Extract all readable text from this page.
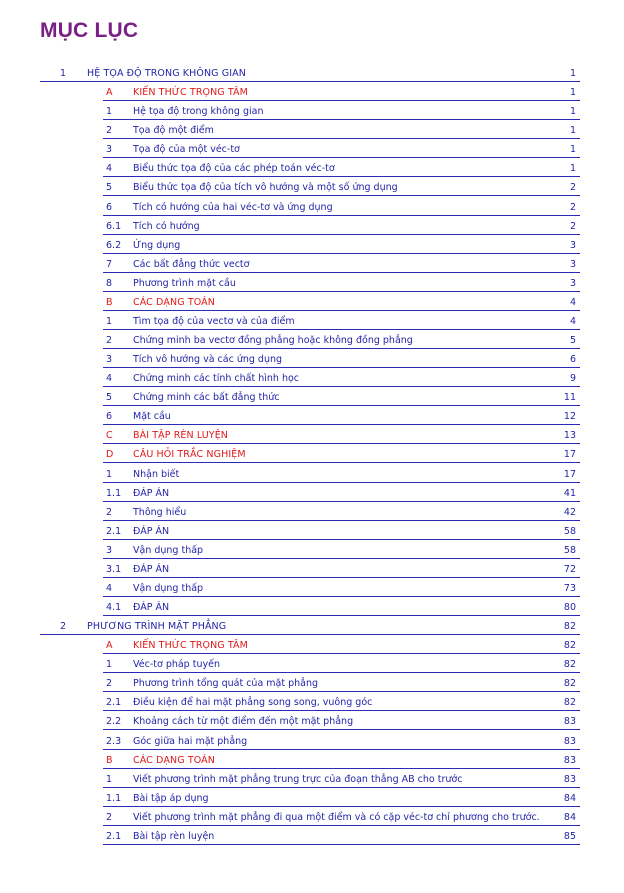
MỤC LỤC
1 HỆ TỌA ĐỘ TRONG KHÔNG GIAN	1
A KIẾN THỨC TRỌNG TÂM	1
1 Hệ tọa độ trong không gian	1
2 Tọa độ một điểm	1
3 Tọa độ của một véc-tơ	1
4 Biểu thức tọa độ của các phép toán véc-tơ	1
5 Biểu thức tọa độ của tích vô hướng và một số ứng dụng	2
6 Tích có hướng của hai véc-tơ và ứng dụng	2
6.1 Tích có hướng	2
6.2 Ứng dụng	3
7 Các bất đẳng thức vectơ	3
8 Phương trình mặt cầu	3
B CÁC DẠNG TOÁN	4
1 Tìm tọa độ của vectơ và của điểm	4
2 Chứng minh ba vectơ đồng phẳng hoặc không đồng phẳng	5
3 Tích vô hướng và các ứng dụng	6
4 Chứng minh các tính chất hình học	9
5 Chứng minh các bất đẳng thức	11
6 Mặt cầu	12
C BÀI TẬP RÈN LUYỆN	13
D CÂU HỎI TRẮC NGHIỆM	17
1 Nhận biết	17
1.1 ĐÁP ÁN	41
2 Thông hiểu	42
2.1 ĐÁP ÁN	58
3 Vận dụng thấp	58
3.1 ĐÁP ÁN	72
4 Vận dụng thấp	73
4.1 ĐÁP ÁN	80
2 PHƯƠNG TRÌNH MẶT PHẲNG	82
A KIẾN THỨC TRỌNG TÂM	82
1 Véc-tơ pháp tuyến	82
2 Phương trình tổng quát của mặt phẳng	82
2.1 Điều kiện để hai mặt phẳng song song, vuông góc	82
2.2 Khoảng cách từ một điểm đến một mặt phẳng	83
2.3 Góc giữa hai mặt phẳng	83
B CÁC DẠNG TOÁN	83
1 Viết phương trình mặt phẳng trung trực của đoạn thẳng AB cho trước	83
1.1 Bài tập áp dụng	84
2 Viết phương trình mặt phẳng đi qua một điểm và có cặp véc-tơ chỉ phương cho trước.	84
2.1 Bài tập rèn luyện	85
